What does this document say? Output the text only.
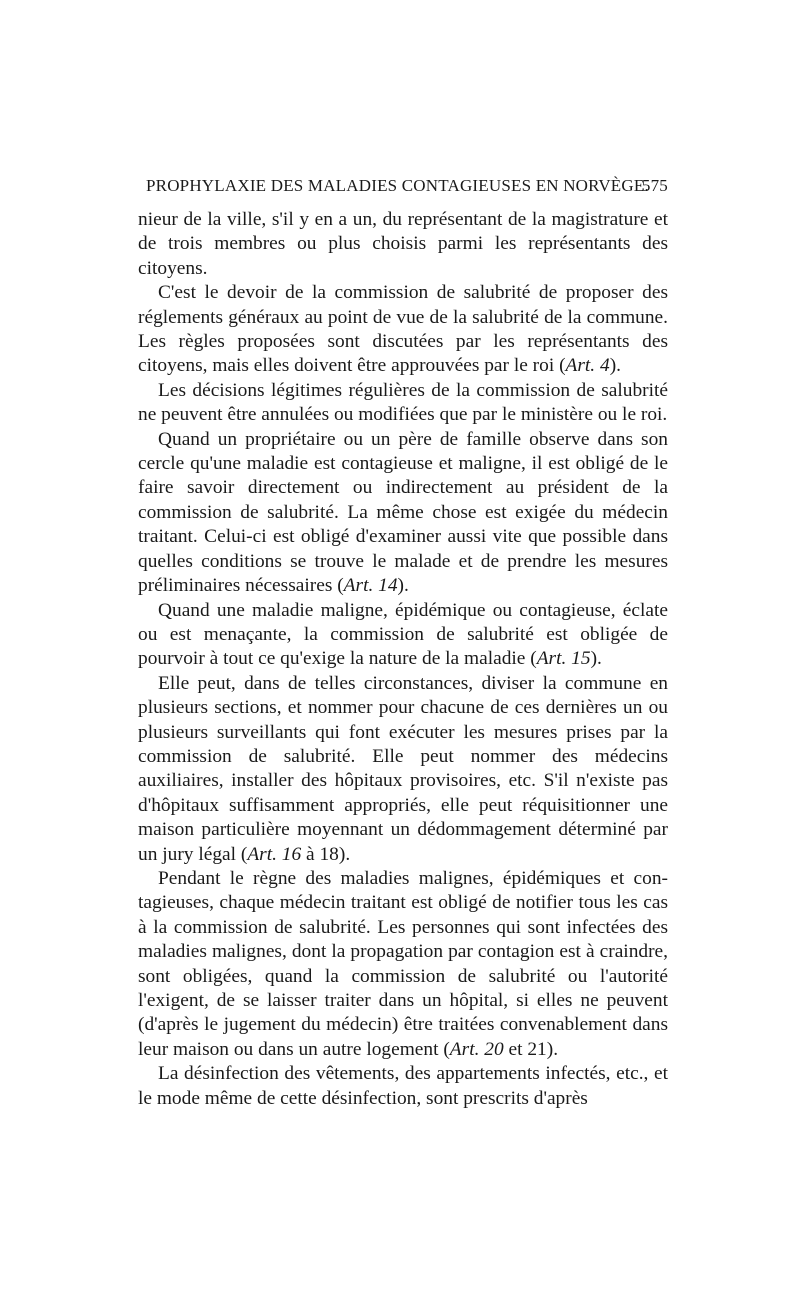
PROPHYLAXIE DES MALADIES CONTAGIEUSES EN NORVÈGE.
575

nieur de la ville, s'il y en a un, du représentant de la magistrature et de trois membres ou plus choisis parmi les représentants des citoyens.

C'est le devoir de la commission de salubrité de proposer des réglements généraux au point de vue de la salubrité de la commune. Les règles proposées sont discutées par les représentants des citoyens, mais elles doivent être approuvées par le roi (Art. 4).

Les décisions légitimes régulières de la commission de salubrité ne peuvent être annulées ou modifiées que par le ministère ou le roi.

Quand un propriétaire ou un père de famille observe dans son cercle qu'une maladie est contagieuse et maligne, il est obligé de le faire savoir directement ou indirectement au président de la commission de salubrité. La même chose est exigée du médecin traitant. Celui-ci est obligé d'examiner aussi vite que possible dans quelles conditions se trouve le malade et de prendre les mesures préliminaires nécessaires (Art. 14).

Quand une maladie maligne, épidémique ou contagieuse, éclate ou est menaçante, la commission de salubrité est obligée de pourvoir à tout ce qu'exige la nature de la maladie (Art. 15).

Elle peut, dans de telles circonstances, diviser la commune en plusieurs sections, et nommer pour chacune de ces dernières un ou plusieurs surveillants qui font exécuter les mesures prises par la commission de salubrité. Elle peut nommer des médecins auxiliaires, installer des hôpitaux provisoires, etc. S'il n'existe pas d'hôpitaux suffisamment appropriés, elle peut réquisitionner une maison particulière moyennant un dédommagement déterminé par un jury légal (Art. 16 à 18).

Pendant le règne des maladies malignes, épidémiques et contagieuses, chaque médecin traitant est obligé de notifier tous les cas à la commission de salubrité. Les personnes qui sont infectées des maladies malignes, dont la propagation par contagion est à craindre, sont obligées, quand la commission de salubrité ou l'autorité l'exigent, de se laisser traiter dans un hôpital, si elles ne peuvent (d'après le jugement du médecin) être traitées convenablement dans leur maison ou dans un autre logement (Art. 20 et 21).

La désinfection des vêtements, des appartements infectés, etc., et le mode même de cette désinfection, sont prescrits d'après
